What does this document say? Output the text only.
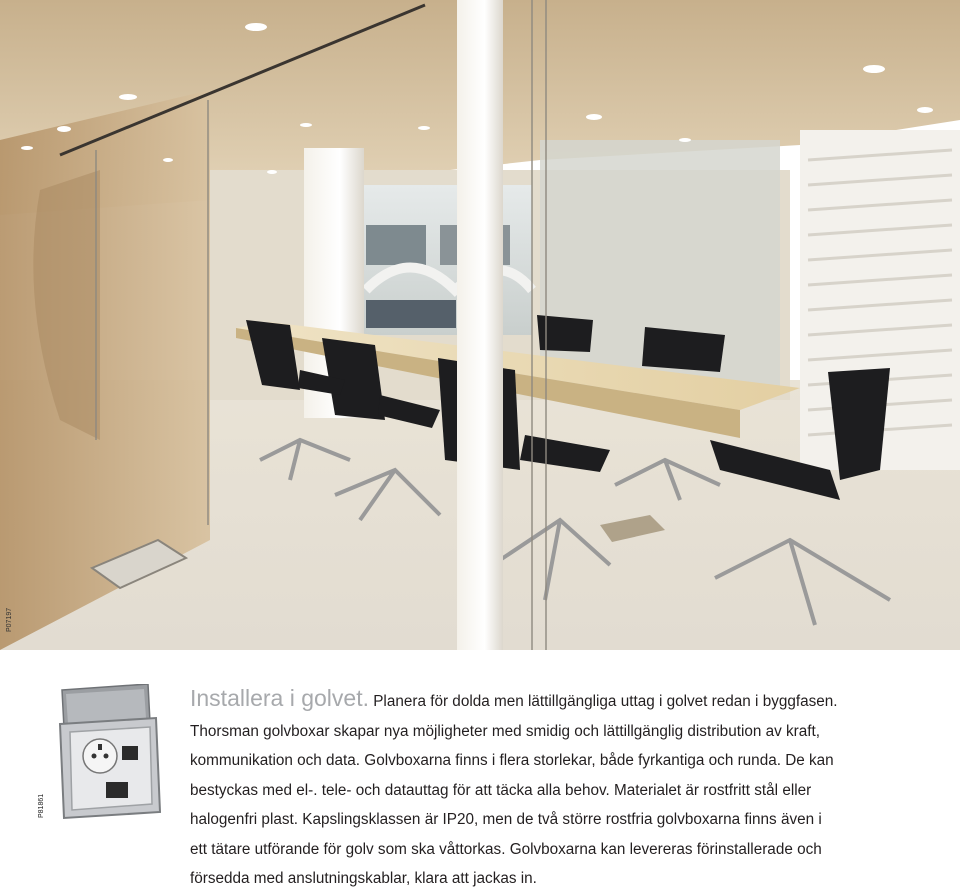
P07197
P81861
Installera i golvet. Planera för dolda men lättillgängliga uttag i golvet redan i byggfasen.
Thorsman golvboxar skapar nya möjligheter med smidig och lättillgänglig distribution av kraft,
kommunikation och data. Golvboxarna finns i flera storlekar, både fyrkantiga och runda. De kan
bestyckas med el-. tele- och datauttag för att täcka alla behov. Materialet är rostfritt stål eller
halogenfri plast. Kapslingsklassen är IP20, men de två större rostfria golvboxarna finns även i
ett tätare utförande för golv som ska våttorkas. Golvboxarna kan levereras förinstallerade och
försedda med anslutningskablar, klara att jackas in.
